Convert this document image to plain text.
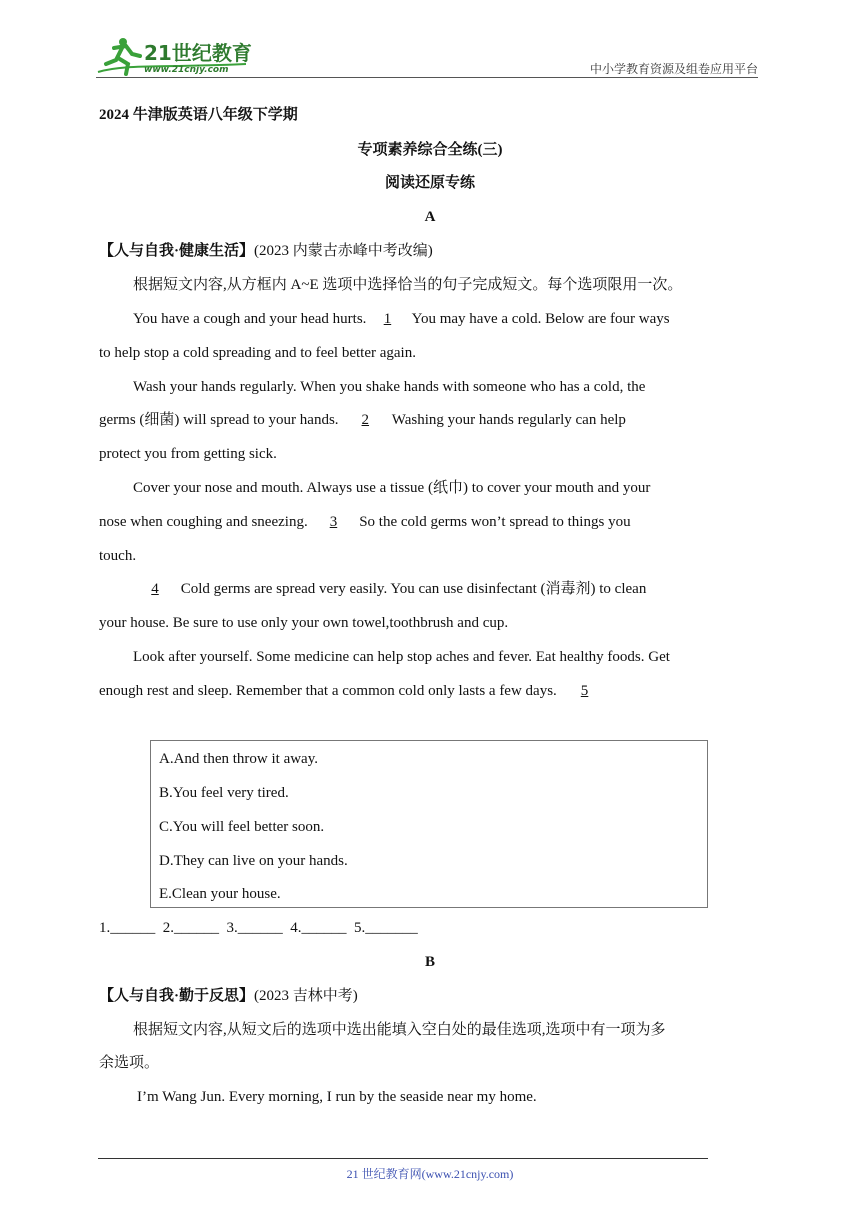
21世纪教育
www.21cnjy.com	中小学教育资源及组卷应用平台
2024 牛津版英语八年级下学期
专项素养综合全练(三)
阅读还原专练
A
【人与自我·健康生活】(2023 内蒙古赤峰中考改编)
根据短文内容,从方框内 A~E 选项中选择恰当的句子完成短文。每个选项限用一次。
You have a cough and your head hurts. 1 You may have a cold. Below are four ways
to help stop a cold spreading and to feel better again.
Wash your hands regularly. When you shake hands with someone who has a cold, the
germs (细菌) will spread to your hands. 2 Washing your hands regularly can help
protect you from getting sick.
Cover your nose and mouth. Always use a tissue (纸巾) to cover your mouth and your
nose when coughing and sneezing. 3 So the cold germs won’t spread to things you
touch.
4 Cold germs are spread very easily. You can use disinfectant (消毒剂) to clean
your house. Be sure to use only your own towel,toothbrush and cup.
Look after yourself. Some medicine can help stop aches and fever. Eat healthy foods. Get
enough rest and sleep. Remember that a common cold only lasts a few days. 5
A.And then throw it away.
B.You feel very tired.
C.You will feel better soon.
D.They can live on your hands.
E.Clean your house.
1.______  2.______  3.______  4.______  5._______
B
【人与自我·勤于反思】(2023 吉林中考)
根据短文内容,从短文后的选项中选出能填入空白处的最佳选项,选项中有一项为多
余选项。
I’m Wang Jun. Every morning, I run by the seaside near my home.
21 世纪教育网(www.21cnjy.com)
